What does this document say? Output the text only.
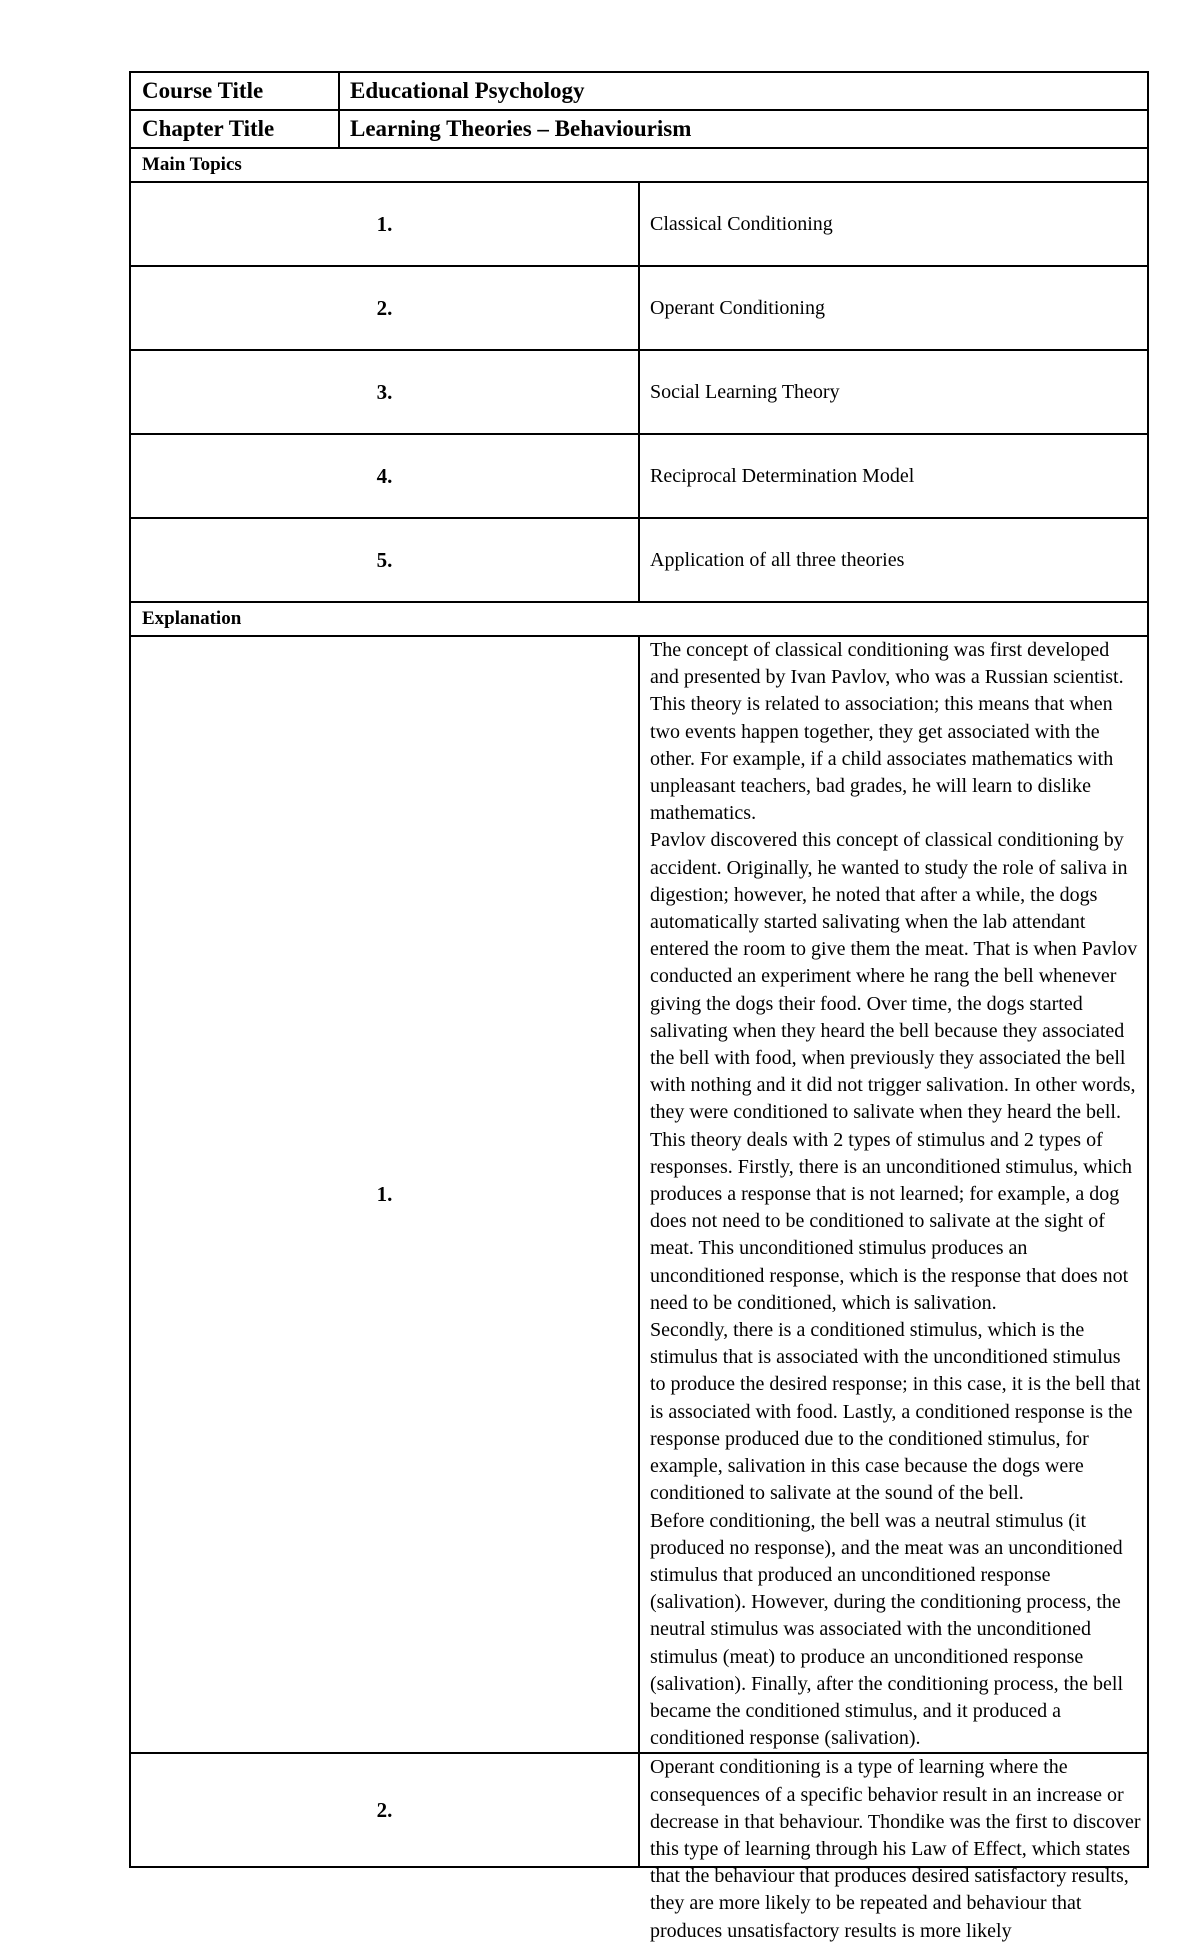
Course Title	Educational Psychology
Chapter Title	Learning Theories – Behaviourism
Main Topics	
1.	Classical Conditioning
2.	Operant Conditioning
3.	Social Learning Theory
4.	Reciprocal Determination Model
5.	Application of all three theories
Explanation	
1.	The concept of classical conditioning was first developed and presented by Ivan Pavlov, who was a Russian scientist. This theory is related to association; this means that when two events happen together, they get associated with the other. For example, if a child associates mathematics with unpleasant teachers, bad grades, he will learn to dislike mathematics.

Pavlov discovered this concept of classical conditioning by accident. Originally, he wanted to study the role of saliva in digestion; however, he noted that after a while, the dogs automatically started salivating when the lab attendant entered the room to give them the meat. That is when Pavlov conducted an experiment where he rang the bell whenever giving the dogs their food. Over time, the dogs started salivating when they heard the bell because they associated the bell with food, when previously they associated the bell with nothing and it did not trigger salivation. In other words, they were conditioned to salivate when they heard the bell.

This theory deals with 2 types of stimulus and 2 types of responses. Firstly, there is an unconditioned stimulus, which produces a response that is not learned; for example, a dog does not need to be conditioned to salivate at the sight of meat. This unconditioned stimulus produces an unconditioned response, which is the response that does not need to be conditioned, which is salivation.

Secondly, there is a conditioned stimulus, which is the stimulus that is associated with the unconditioned stimulus to produce the desired response; in this case, it is the bell that is associated with food. Lastly, a conditioned response is the response produced due to the conditioned stimulus, for example, salivation in this case because the dogs were conditioned to salivate at the sound of the bell.

Before conditioning, the bell was a neutral stimulus (it produced no response), and the meat was an unconditioned stimulus that produced an unconditioned response (salivation). However, during the conditioning process, the neutral stimulus was associated with the unconditioned stimulus (meat) to produce an unconditioned response (salivation). Finally, after the conditioning process, the bell became the conditioned stimulus, and it produced a conditioned response (salivation).

2.	Operant conditioning is a type of learning where the consequences of a specific behavior result in an increase or decrease in that behaviour. Thondike was the first to discover this type of learning through his Law of Effect, which states that the behaviour that produces desired satisfactory results, they are more likely to be repeated and behaviour that produces unsatisfactory results is more likely
